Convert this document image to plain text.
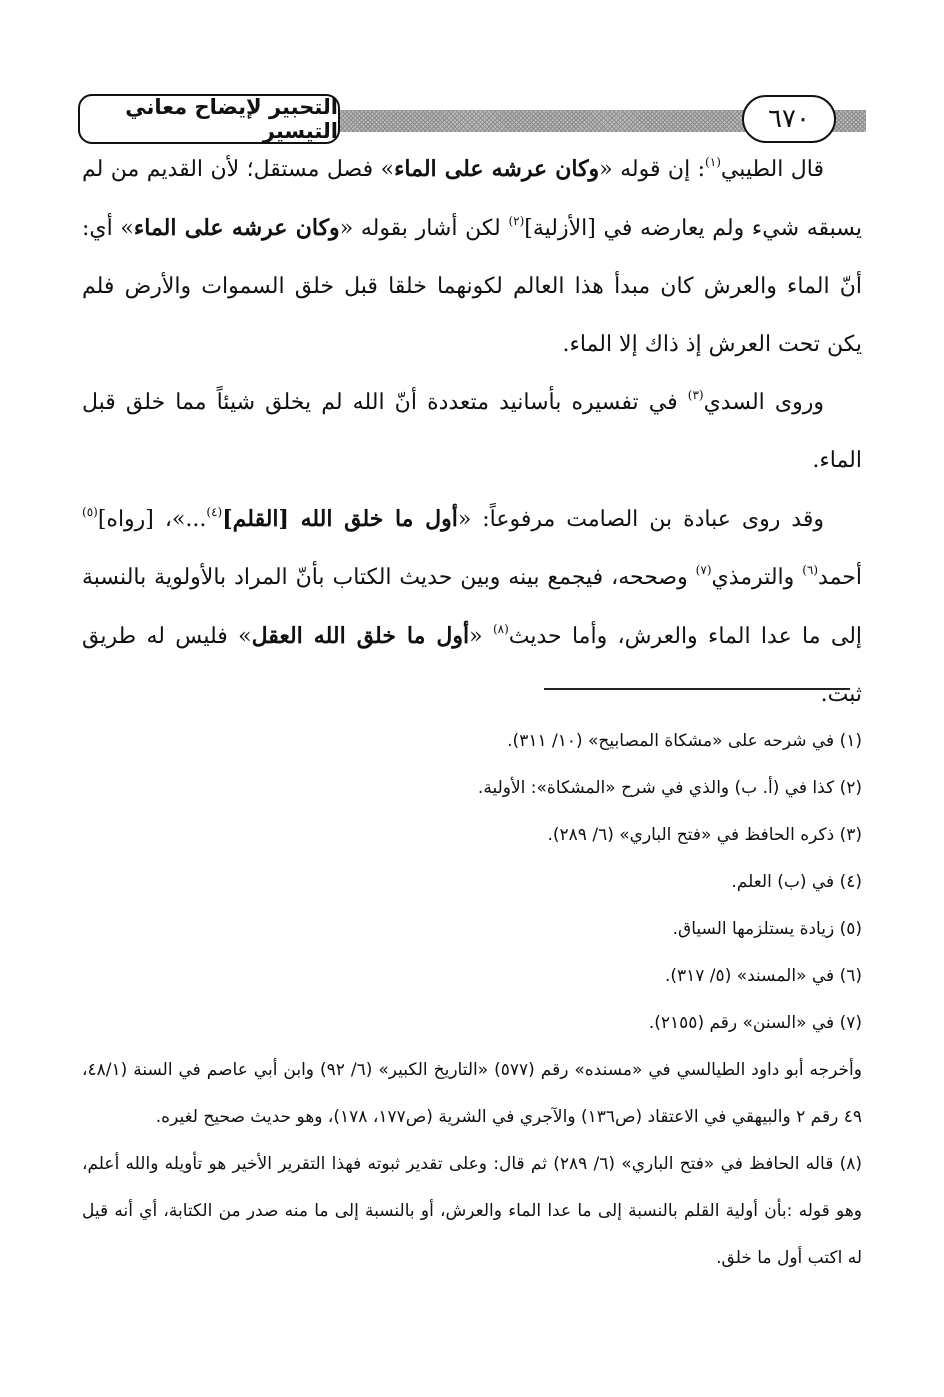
٦٧٠
التحبير لإيضاح معاني التيسير

قال الطيبي$^{(١)}$: إن قوله «وكان عرشه على الماء» فصل مستقل؛ لأن القديم من لم يسبقه شيء ولم يعارضه في [الأزلية]$^{(٢)}$ لكن أشار بقوله «وكان عرشه على الماء» أي: أنّ الماء والعرش كان مبدأ هذا العالم لكونهما خلقا قبل خلق السموات والأرض فلم يكن تحت العرش إذ ذاك إلا الماء.

وروى السدي$^{(٣)}$ في تفسيره بأسانيد متعددة أنّ الله لم يخلق شيئاً مما خلق قبل الماء.

وقد روى عبادة بن الصامت مرفوعاً: «أول ما خلق الله [القلم]$^{(٤)}$...»، [رواه]$^{(٥)}$ أحمد$^{(٦)}$ والترمذي$^{(٧)}$ وصححه، فيجمع بينه وبين حديث الكتاب بأنّ المراد بالأولوية بالنسبة إلى ما عدا الماء والعرش، وأما حديث$^{(٨)}$ «أول ما خلق الله العقل» فليس له طريق ثبت.

(١) في شرحه على «مشكاة المصابيح» (١٠/ ٣١١).

(٢) كذا في (أ. ب) والذي في شرح «المشكاة»: الأولية.

(٣) ذكره الحافظ في «فتح الباري» (٦/ ٢٨٩).

(٤) في (ب) العلم.

(٥) زيادة يستلزمها السياق.

(٦) في «المسند» (٥/ ٣١٧).

(٧) في «السنن» رقم (٢١٥٥).

وأخرجه أبو داود الطيالسي في «مسنده» رقم (٥٧٧) «التاريخ الكبير» (٦/ ٩٢) وابن أبي عاصم في السنة (٤٨/١، ٤٩ رقم ٢ والبيهقي في الاعتقاد (ص١٣٦) والآجري في الشرية (ص١٧٧، ١٧٨)، وهو حديث صحيح لغيره.

(٨) قاله الحافظ في «فتح الباري» (٦/ ٢٨٩) ثم قال: وعلى تقدير ثبوته فهذا التقرير الأخير هو تأويله والله أعلم، وهو قوله :بأن أولية القلم بالنسبة إلى ما عدا الماء والعرش، أو بالنسبة إلى ما منه صدر من الكتابة، أي أنه قيل له اكتب أول ما خلق.
